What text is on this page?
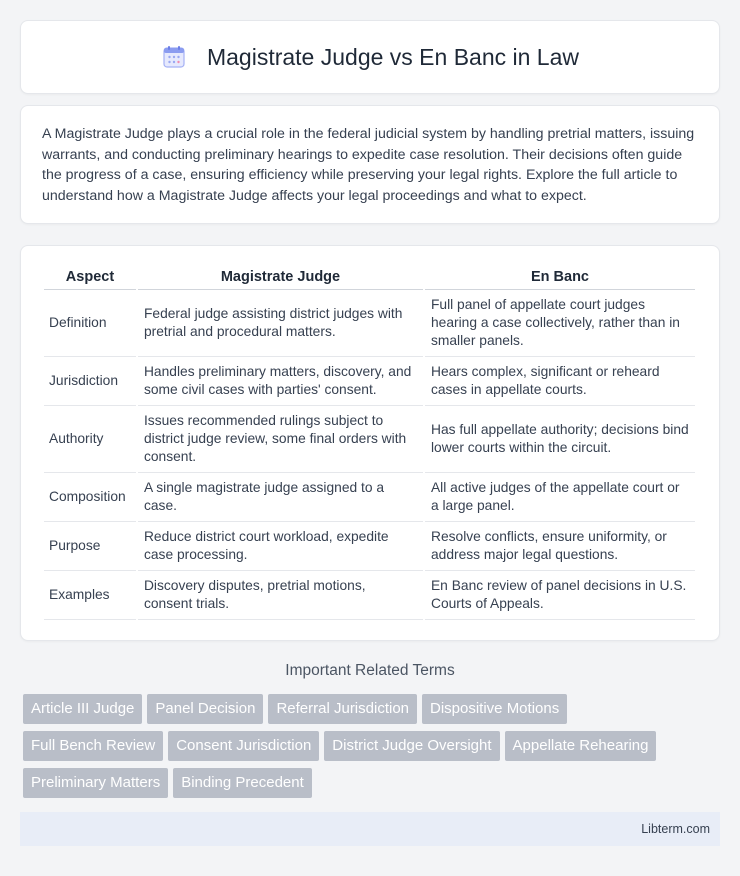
Magistrate Judge vs En Banc in Law

A Magistrate Judge plays a crucial role in the federal judicial system by handling pretrial matters, issuing warrants, and conducting preliminary hearings to expedite case resolution. Their decisions often guide the progress of a case, ensuring efficiency while preserving your legal rights. Explore the full article to understand how a Magistrate Judge affects your legal proceedings and what to expect.

Aspect	Magistrate Judge	En Banc
Definition	Federal judge assisting district judges with pretrial and procedural matters.	Full panel of appellate court judges hearing a case collectively, rather than in smaller panels.
Jurisdiction	Handles preliminary matters, discovery, and some civil cases with parties' consent.	Hears complex, significant or reheard cases in appellate courts.
Authority	Issues recommended rulings subject to district judge review, some final orders with consent.	Has full appellate authority; decisions bind lower courts within the circuit.
Composition	A single magistrate judge assigned to a case.	All active judges of the appellate court or a large panel.
Purpose	Reduce district court workload, expedite case processing.	Resolve conflicts, ensure uniformity, or address major legal questions.
Examples	Discovery disputes, pretrial motions, consent trials.	En Banc review of panel decisions in U.S. Courts of Appeals.
Important Related Terms
Article III Judge Panel Decision Referral Jurisdiction Dispositive Motions
Full Bench Review Consent Jurisdiction District Judge Oversight Appellate Rehearing
Preliminary Matters Binding Precedent
Libterm.com
